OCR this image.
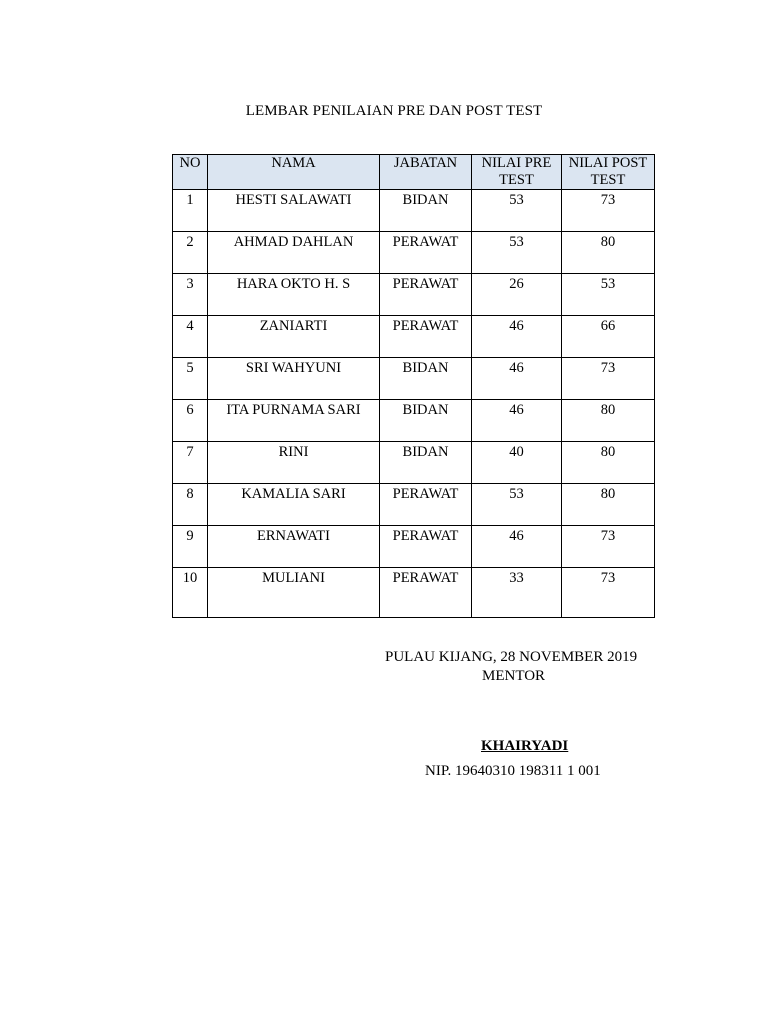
LEMBAR PENILAIAN PRE DAN POST TEST
NO	NAMA	JABATAN	NILAI PRE TEST	NILAI POST TEST
1	HESTI SALAWATI	BIDAN	53	73
2	AHMAD DAHLAN	PERAWAT	53	80
3	HARA OKTO H. S	PERAWAT	26	53
4	ZANIARTI	PERAWAT	46	66
5	SRI WAHYUNI	BIDAN	46	73
6	ITA PURNAMA SARI	BIDAN	46	80
7	RINI	BIDAN	40	80
8	KAMALIA SARI	PERAWAT	53	80
9	ERNAWATI	PERAWAT	46	73
10	MULIANI	PERAWAT	33	73
PULAU KIJANG, 28 NOVEMBER 2019
MENTOR
KHAIRYADI
NIP. 19640310 198311 1 001
